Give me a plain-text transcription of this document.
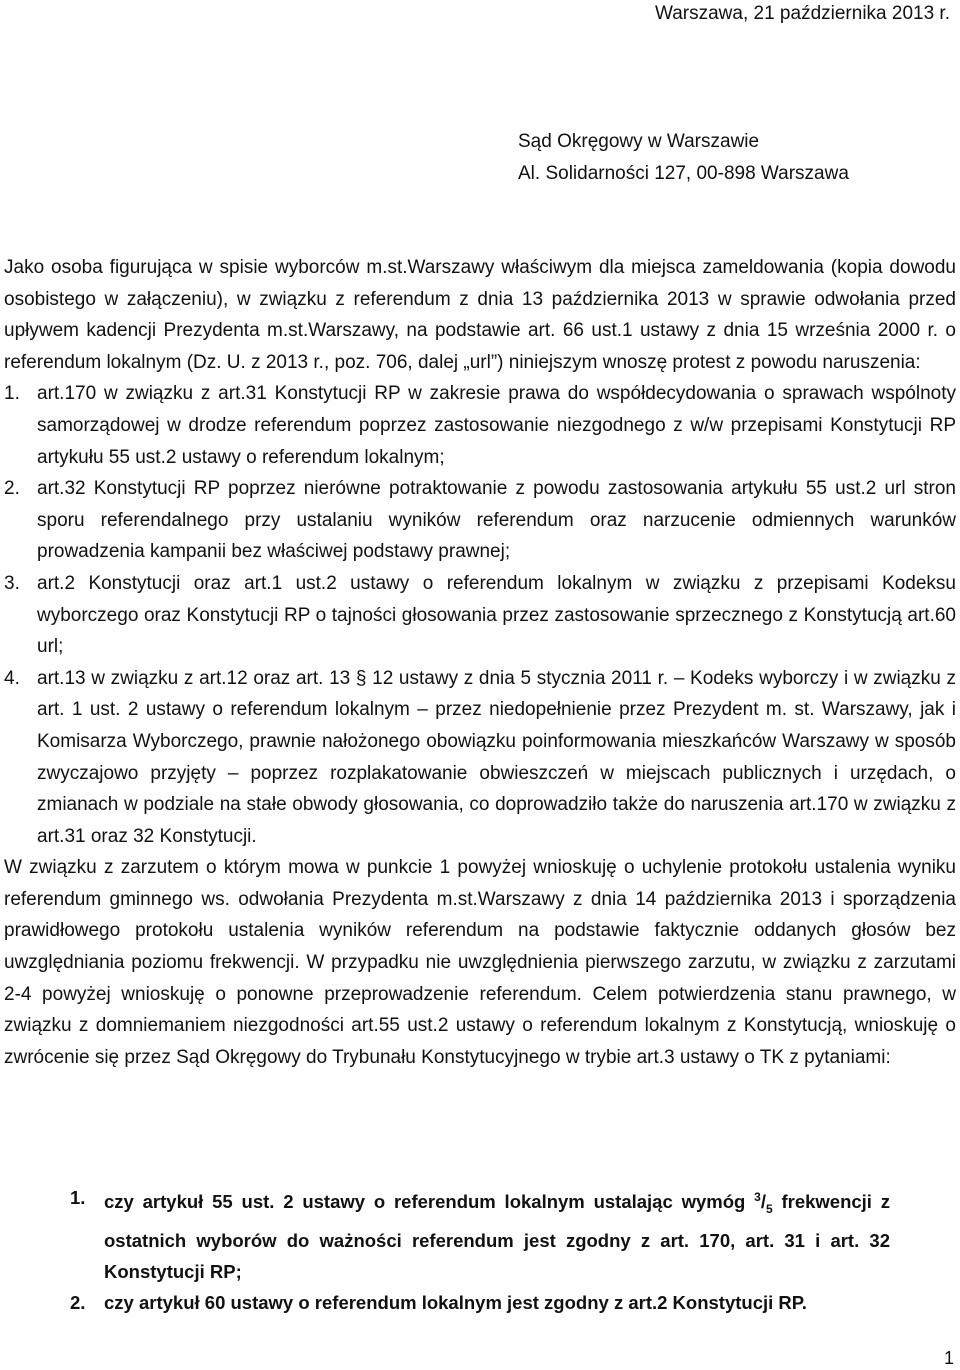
Warszawa, 21 października 2013 r.
Sąd Okręgowy w Warszawie
Al. Solidarności 127, 00-898 Warszawa

Jako osoba figurująca w spisie wyborców m.st.Warszawy właściwym dla miejsca zameldowania (kopia dowodu osobistego w załączeniu), w związku z referendum z dnia 13 października 2013 w sprawie odwołania przed upływem kadencji Prezydenta m.st.Warszawy, na podstawie art. 66 ust.1 ustawy z dnia 15 września 2000 r. o referendum lokalnym (Dz. U. z 2013 r., poz. 706, dalej „url”) niniejszym wnoszę protest z powodu naruszenia:

1. art.170 w związku z art.31 Konstytucji RP w zakresie prawa do współdecydowania o sprawach wspólnoty samorządowej w drodze referendum poprzez zastosowanie niezgodnego z w/w przepisami Konstytucji RP artykułu 55 ust.2 ustawy o referendum lokalnym;
2. art.32 Konstytucji RP poprzez nierówne potraktowanie z powodu zastosowania artykułu 55 ust.2 url stron sporu referendalnego przy ustalaniu wyników referendum oraz narzucenie odmiennych warunków prowadzenia kampanii bez właściwej podstawy prawnej;
3. art.2 Konstytucji oraz art.1 ust.2 ustawy o referendum lokalnym w związku z przepisami Kodeksu wyborczego oraz Konstytucji RP o tajności głosowania przez zastosowanie sprzecznego z Konstytucją art.60 url;
4. art.13 w związku z art.12 oraz art. 13 § 12 ustawy z dnia 5 stycznia 2011 r. – Kodeks wyborczy i w związku z art. 1 ust. 2 ustawy o referendum lokalnym – przez niedopełnienie przez Prezydent m. st. Warszawy, jak i Komisarza Wyborczego, prawnie nałożonego obowiązku poinformowania mieszkańców Warszawy w sposób zwyczajowo przyjęty – poprzez rozplakatowanie obwieszczeń w miejscach publicznych i urzędach, o zmianach w podziale na stałe obwody głosowania, co doprowadziło także do naruszenia art.170 w związku z art.31 oraz 32 Konstytucji.

W związku z zarzutem o którym mowa w punkcie 1 powyżej wnioskuję o uchylenie protokołu ustalenia wyniku referendum gminnego ws. odwołania Prezydenta m.st.Warszawy z dnia 14 października 2013 i sporządzenia prawidłowego protokołu ustalenia wyników referendum na podstawie faktycznie oddanych głosów bez uwzględniania poziomu frekwencji. W przypadku nie uwzględnienia pierwszego zarzutu, w związku z zarzutami 2-4 powyżej wnioskuję o ponowne przeprowadzenie referendum. Celem potwierdzenia stanu prawnego, w związku z domniemaniem niezgodności art.55 ust.2 ustawy o referendum lokalnym z Konstytucją, wnioskuję o zwrócenie się przez Sąd Okręgowy do Trybunału Konstytucyjnego w trybie art.3 ustawy o TK z pytaniami:

1. czy artykuł 55 ust. 2 ustawy o referendum lokalnym ustalając wymóg $^3/_5$ frekwencji z ostatnich wyborów do ważności referendum jest zgodny z art. 170, art. 31 i art. 32 Konstytucji RP;
2. czy artykuł 60 ustawy o referendum lokalnym jest zgodny z art.2 Konstytucji RP.
1
